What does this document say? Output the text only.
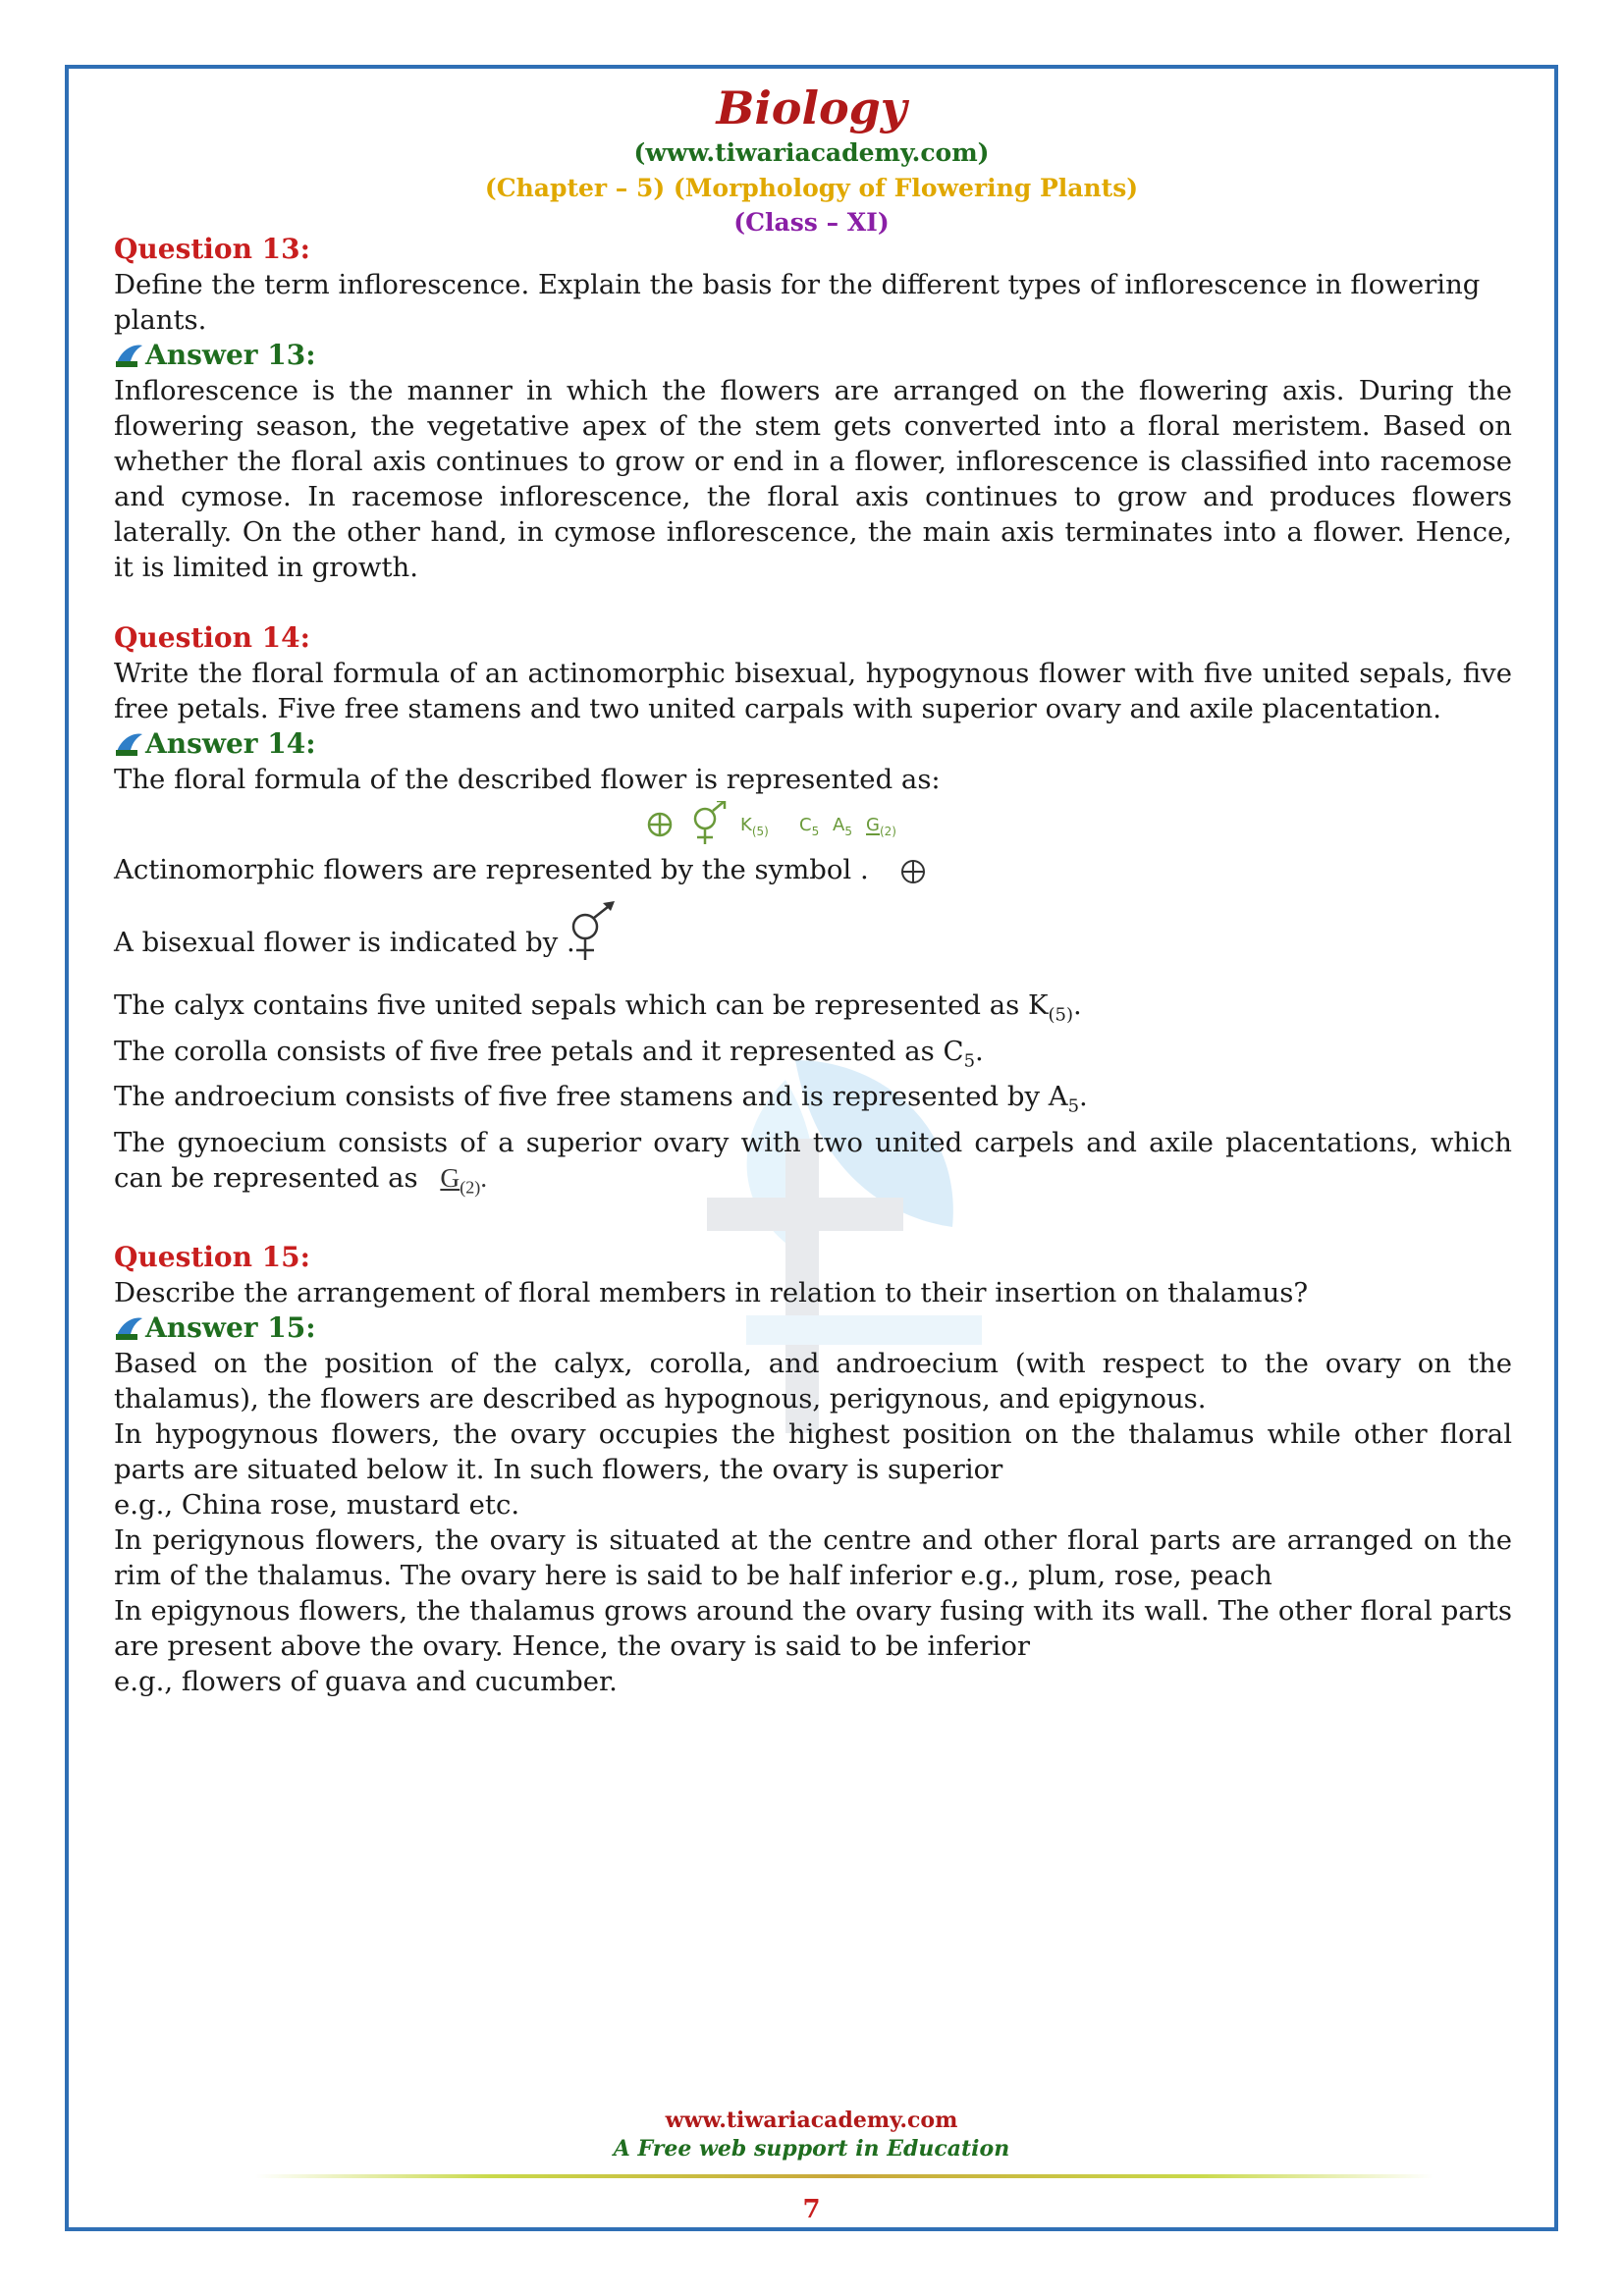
Biology
(www.tiwariacademy.com)
(Chapter – 5) (Morphology of Flowering Plants)
(Class – XI)
Question 13:

Define the term inflorescence. Explain the basis for the different types of inflorescence in flowering plants.

Answer 13:

Inflorescence is the manner in which the flowers are arranged on the flowering axis. During the flowering season, the vegetative apex of the stem gets converted into a floral meristem. Based on whether the floral axis continues to grow or end in a flower, inflorescence is classified into racemose and cymose. In racemose inflorescence, the floral axis continues to grow and produces flowers laterally. On the other hand, in cymose inflorescence, the main axis terminates into a flower. Hence, it is limited in growth.

Question 14:

Write the floral formula of an actinomorphic bisexual, hypogynous flower with five united sepals, five free petals. Five free stamens and two united carpals with superior ovary and axile placentation.

Answer 14:

The floral formula of the described flower is represented as:

$K_{(5)}$ $C_5$ $A_5$ $G_{(2)}$

Actinomorphic flowers are represented by the symbol .

A bisexual flower is indicated by .

The calyx contains five united sepals which can be represented as $K_{(5)}$.

The corolla consists of five free petals and it represented as $C_5$.

The androecium consists of five free stamens and is represented by $A_5$.

The gynoecium consists of a superior ovary with two united carpels and axile placentations, which can be represented as $G_{(2)}$.

Question 15:

Describe the arrangement of floral members in relation to their insertion on thalamus?

Answer 15:

Based on the position of the calyx, corolla, and androecium (with respect to the ovary on the thalamus), the flowers are described as hypognous, perigynous, and epigynous.

In hypogynous flowers, the ovary occupies the highest position on the thalamus while other floral parts are situated below it. In such flowers, the ovary is superior

e.g., China rose, mustard etc.

In perigynous flowers, the ovary is situated at the centre and other floral parts are arranged on the rim of the thalamus. The ovary here is said to be half inferior e.g., plum, rose, peach

In epigynous flowers, the thalamus grows around the ovary fusing with its wall. The other floral parts are present above the ovary. Hence, the ovary is said to be inferior

e.g., flowers of guava and cucumber.

www.tiwariacademy.com
A Free web support in Education
7
